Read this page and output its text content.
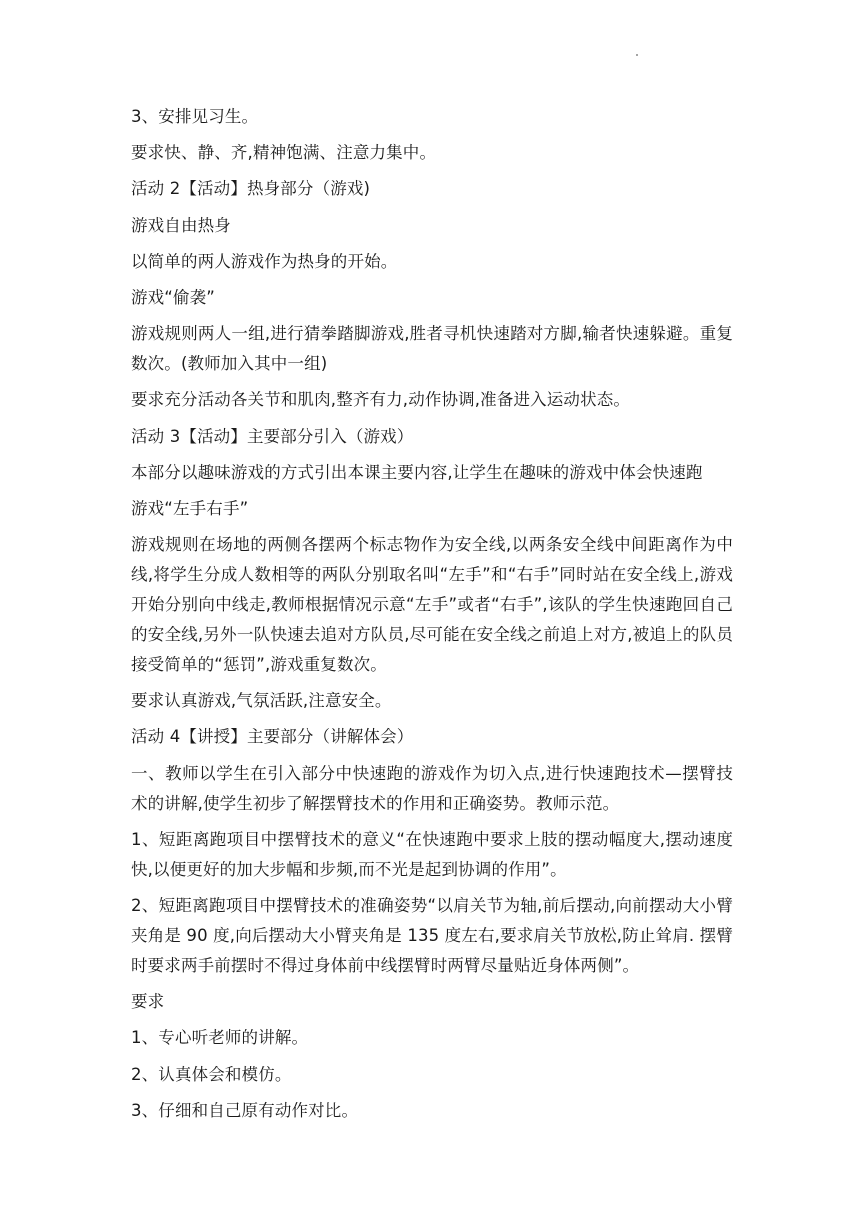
3、安排见习生。

要求快、静、齐,精神饱满、注意力集中。

活动 2【活动】热身部分（游戏)

游戏自由热身

以简单的两人游戏作为热身的开始。

游戏“偷袭”

游戏规则两人一组,进行猜拳踏脚游戏,胜者寻机快速踏对方脚,输者快速躲避。重复数次。(教师加入其中一组)

要求充分活动各关节和肌肉,整齐有力,动作协调,准备进入运动状态。

活动 3【活动】主要部分引入（游戏）

本部分以趣味游戏的方式引出本课主要内容,让学生在趣味的游戏中体会快速跑

游戏“左手右手”

游戏规则在场地的两侧各摆两个标志物作为安全线,以两条安全线中间距离作为中线,将学生分成人数相等的两队分别取名叫“左手”和“右手”同时站在安全线上,游戏开始分别向中线走,教师根据情况示意“左手”或者“右手”,该队的学生快速跑回自己的安全线,另外一队快速去追对方队员,尽可能在安全线之前追上对方,被追上的队员接受简单的“惩罚”,游戏重复数次。

要求认真游戏,气氛活跃,注意安全。

活动 4【讲授】主要部分（讲解体会）

一、教师以学生在引入部分中快速跑的游戏作为切入点,进行快速跑技术—摆臂技术的讲解,使学生初步了解摆臂技术的作用和正确姿势。教师示范。

1、短距离跑项目中摆臂技术的意义“在快速跑中要求上肢的摆动幅度大,摆动速度快,以便更好的加大步幅和步频,而不光是起到协调的作用”。

2、短距离跑项目中摆臂技术的准确姿势“以肩关节为轴,前后摆动,向前摆动大小臂夹角是 90 度,向后摆动大小臂夹角是 135 度左右,要求肩关节放松,防止耸肩. 摆臂时要求两手前摆时不得过身体前中线摆臂时两臂尽量贴近身体两侧”。

要求

1、专心听老师的讲解。

2、认真体会和模仿。

3、仔细和自己原有动作对比。
